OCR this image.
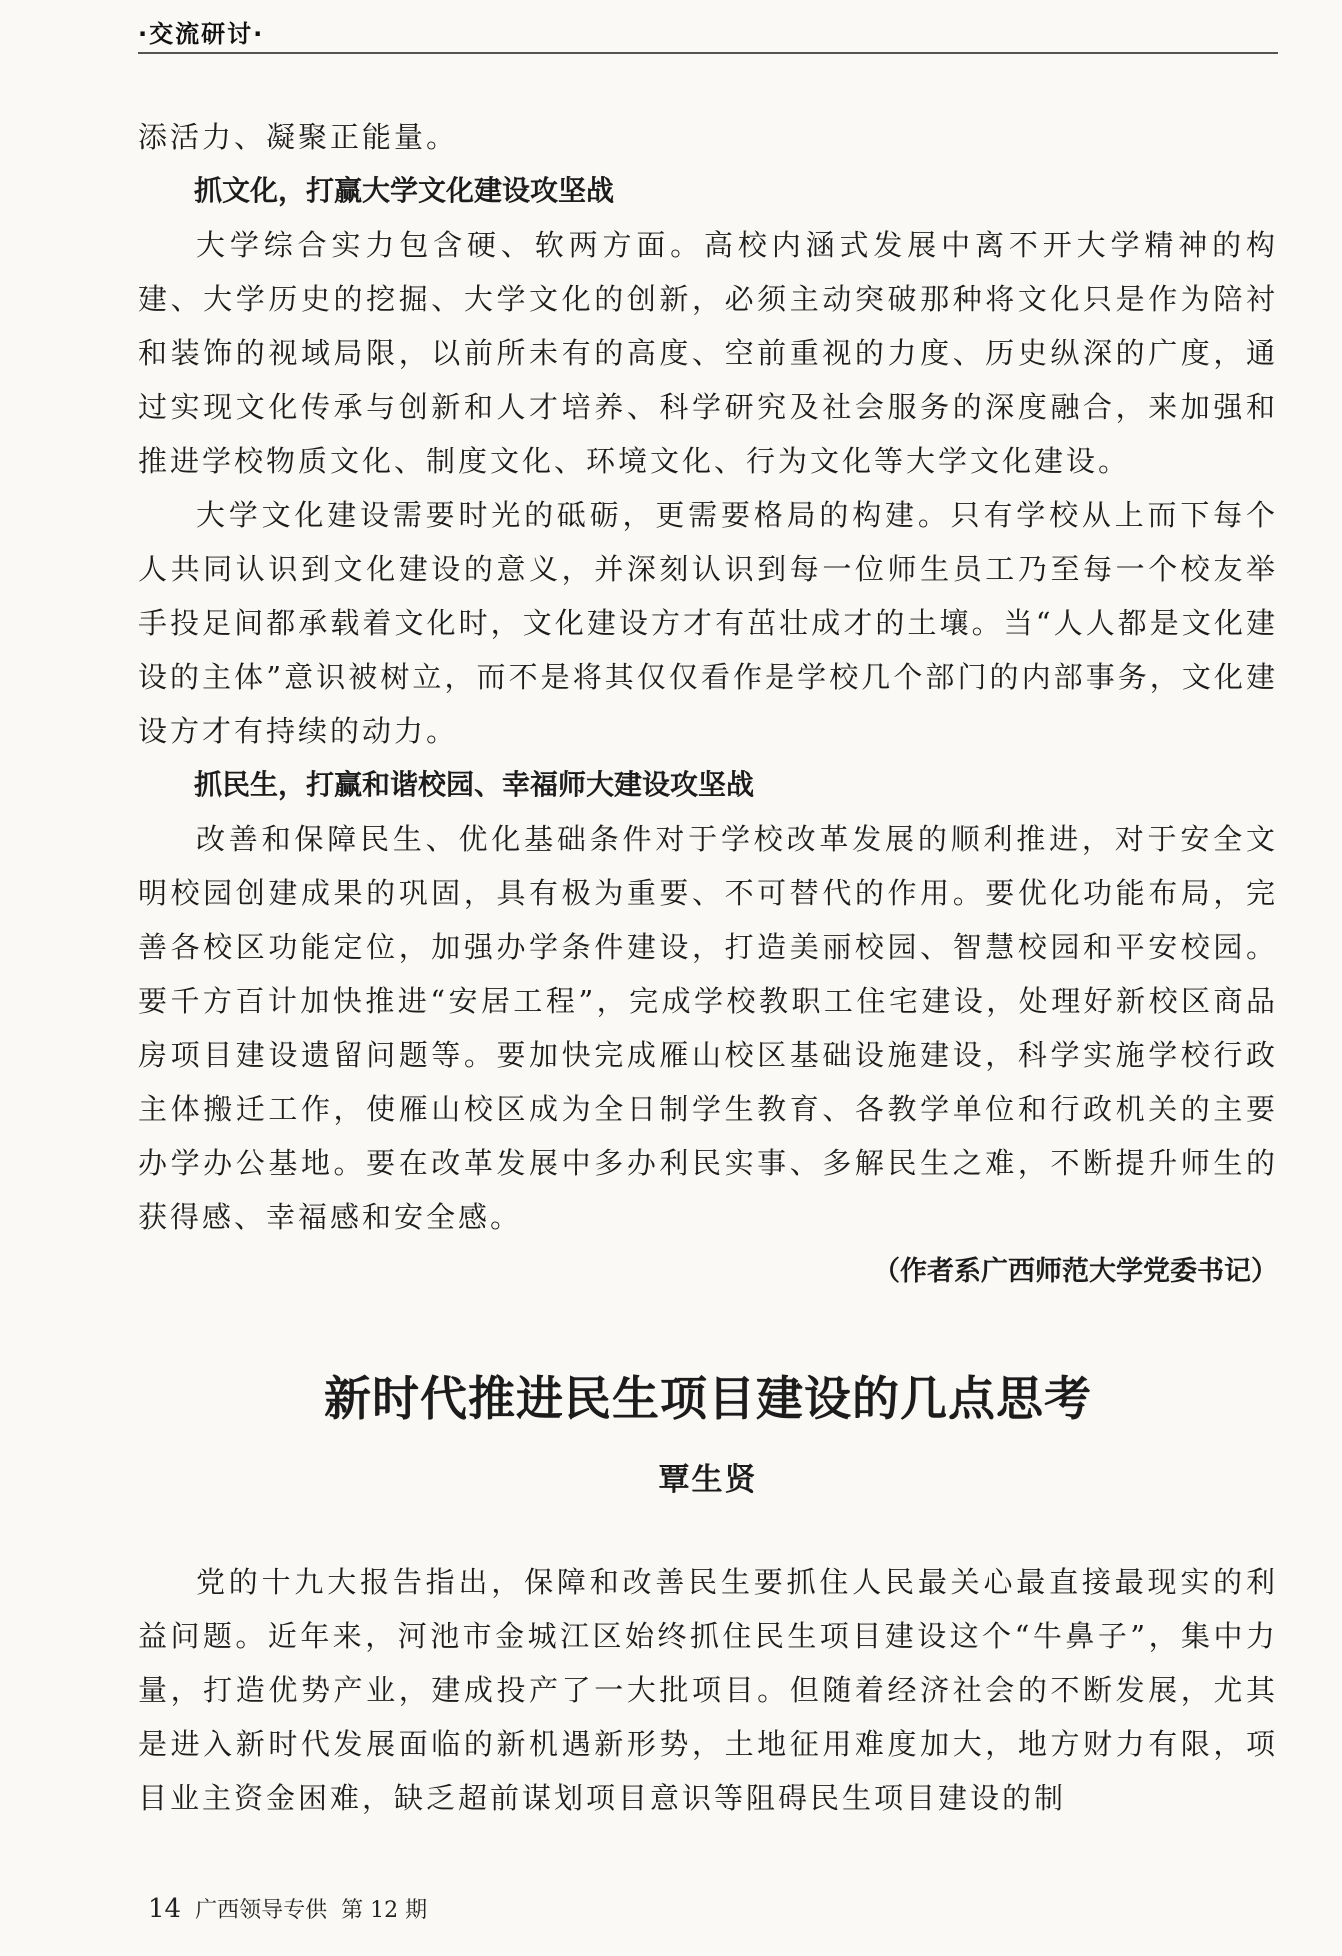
·交流研讨·

添活力、凝聚正能量。

抓文化，打赢大学文化建设攻坚战

大学综合实力包含硬、软两方面。高校内涵式发展中离不开大学精神的构建、大学历史的挖掘、大学文化的创新，必须主动突破那种将文化只是作为陪衬和装饰的视域局限，以前所未有的高度、空前重视的力度、历史纵深的广度，通过实现文化传承与创新和人才培养、科学研究及社会服务的深度融合，来加强和推进学校物质文化、制度文化、环境文化、行为文化等大学文化建设。

大学文化建设需要时光的砥砺，更需要格局的构建。只有学校从上而下每个人共同认识到文化建设的意义，并深刻认识到每一位师生员工乃至每一个校友举手投足间都承载着文化时，文化建设方才有茁壮成才的土壤。当“人人都是文化建设的主体”意识被树立，而不是将其仅仅看作是学校几个部门的内部事务，文化建设方才有持续的动力。

抓民生，打赢和谐校园、幸福师大建设攻坚战

改善和保障民生、优化基础条件对于学校改革发展的顺利推进，对于安全文明校园创建成果的巩固，具有极为重要、不可替代的作用。要优化功能布局，完善各校区功能定位，加强办学条件建设，打造美丽校园、智慧校园和平安校园。要千方百计加快推进“安居工程”，完成学校教职工住宅建设，处理好新校区商品房项目建设遗留问题等。要加快完成雁山校区基础设施建设，科学实施学校行政主体搬迁工作，使雁山校区成为全日制学生教育、各教学单位和行政机关的主要办学办公基地。要在改革发展中多办利民实事、多解民生之难，不断提升师生的获得感、幸福感和安全感。

（作者系广西师范大学党委书记）

新时代推进民生项目建设的几点思考
覃生贤

党的十九大报告指出，保障和改善民生要抓住人民最关心最直接最现实的利益问题。近年来，河池市金城江区始终抓住民生项目建设这个“牛鼻子”，集中力量，打造优势产业，建成投产了一大批项目。但随着经济社会的不断发展，尤其是进入新时代发展面临的新机遇新形势，土地征用难度加大，地方财力有限，项目业主资金困难，缺乏超前谋划项目意识等阻碍民生项目建设的制

14 广西领导专供 第 12 期
